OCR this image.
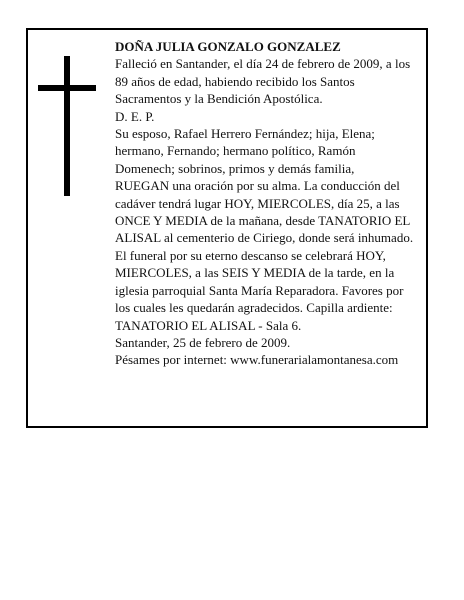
DOÑA JULIA GONZALO GONZALEZ

Falleció en Santander, el día 24 de febrero de 2009, a los 89 años de edad, habiendo recibido los Santos Sacramentos y la Bendición Apostólica.

D. E. P.

Su esposo, Rafael Herrero Fernández; hija, Elena; hermano, Fernando; hermano político, Ramón Domenech; sobrinos, primos y demás familia,

RUEGAN una oración por su alma. La conducción del cadáver tendrá lugar HOY, MIERCOLES, día 25, a las ONCE Y MEDIA de la mañana, desde TANATORIO EL ALISAL al cementerio de Ciriego, donde será inhumado. El funeral por su eterno descanso se celebrará HOY, MIERCOLES, a las SEIS Y MEDIA de la tarde, en la iglesia parroquial Santa María Reparadora. Favores por los cuales les quedarán agradecidos. Capilla ardiente: TANATORIO EL ALISAL - Sala 6.

Santander, 25 de febrero de 2009.

Pésames por internet: www.funerarialamontanesa.com
